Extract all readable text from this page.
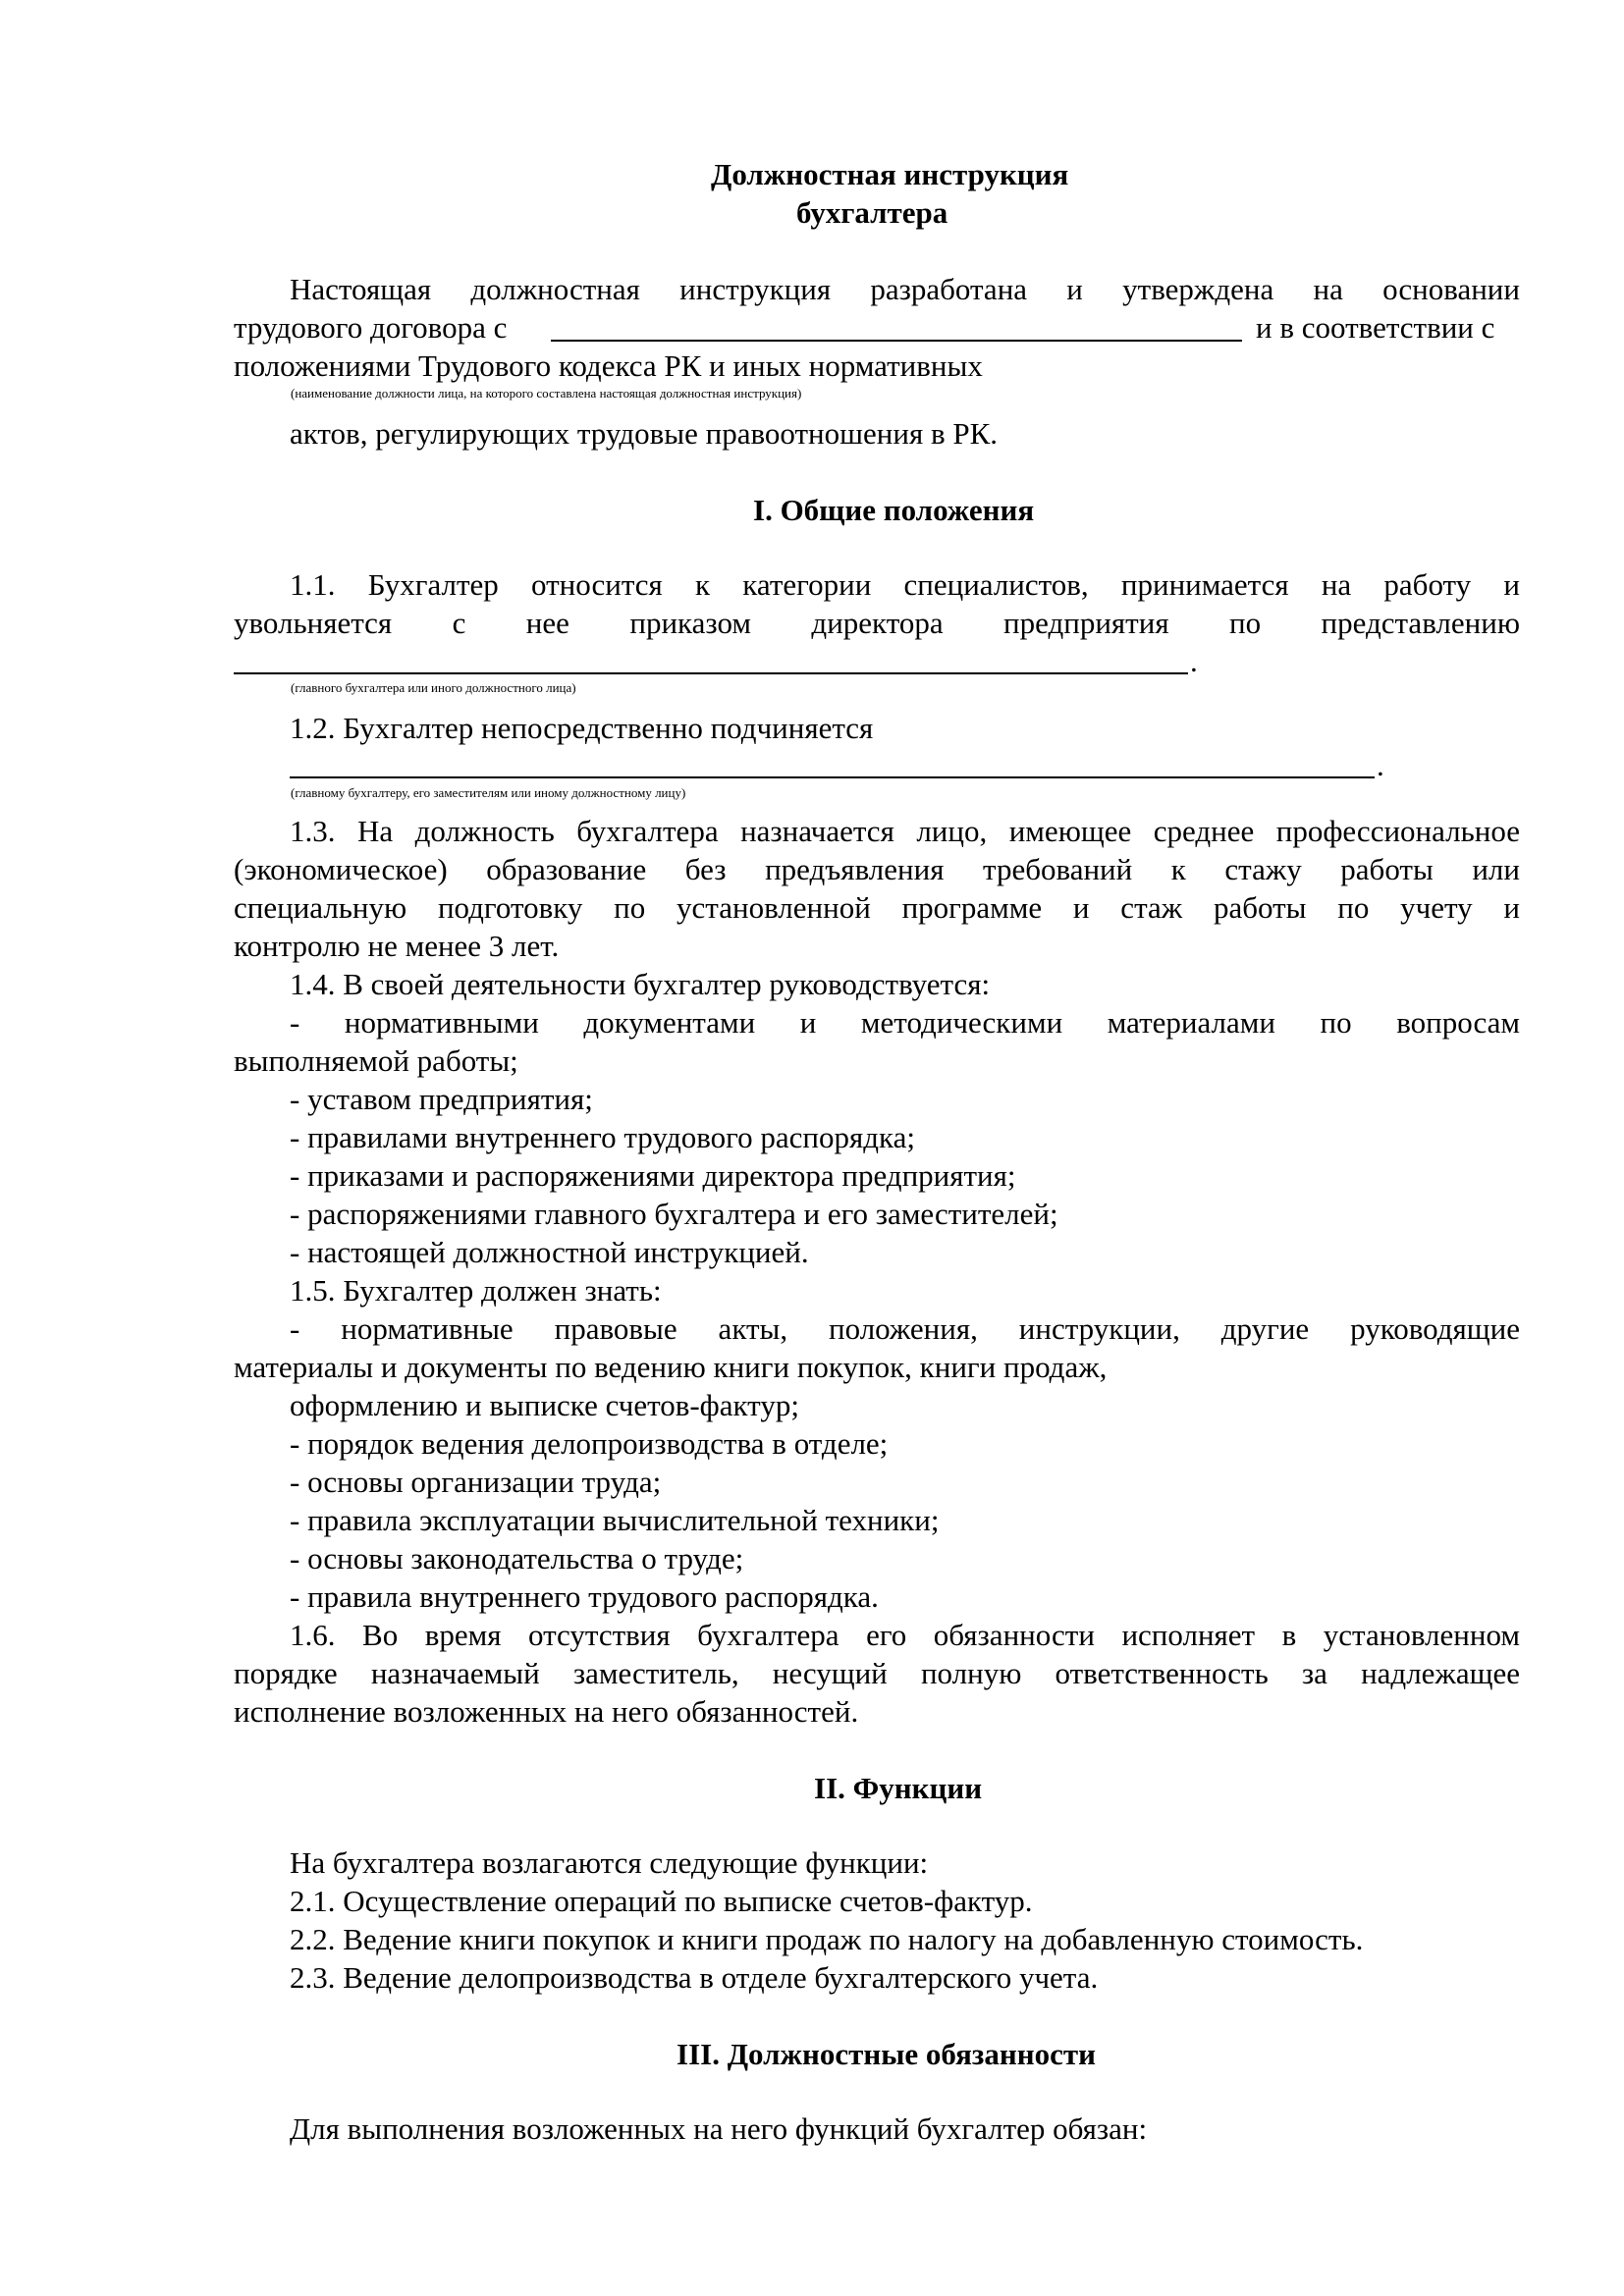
Должностная инструкция
бухгалтера
Настоящая должностная инструкция разработана и утверждена на основании
трудового договора с	и в соответствии с
положениями Трудового кодекса РК и иных нормативных
(наименование должности лица, на которого составлена настоящая должностная инструкция)
актов, регулирующих трудовые правоотношения в РК.
I. Общие положения
1.1. Бухгалтер относится к категории специалистов, принимается на работу и
увольняется с нее приказом директора предприятия по представлению
.
(главного бухгалтера или иного должностного лица)
1.2. Бухгалтер непосредственно подчиняется
.
(главному бухгалтеру, его заместителям или иному должностному лицу)
1.3. На должность бухгалтера назначается лицо, имеющее среднее профессиональное
(экономическое) образование без предъявления требований к стажу работы или
специальную подготовку по установленной программе и стаж работы по учету и
контролю не менее 3 лет.
1.4. В своей деятельности бухгалтер руководствуется:
- нормативными документами и методическими материалами по вопросам
выполняемой работы;
- уставом предприятия;
- правилами внутреннего трудового распорядка;
- приказами и распоряжениями директора предприятия;
- распоряжениями главного бухгалтера и его заместителей;
- настоящей должностной инструкцией.
1.5. Бухгалтер должен знать:
- нормативные правовые акты, положения, инструкции, другие руководящие
материалы и документы по ведению книги покупок, книги продаж,
оформлению и выписке счетов-фактур;
- порядок ведения делопроизводства в отделе;
- основы организации труда;
- правила эксплуатации вычислительной техники;
- основы законодательства о труде;
- правила внутреннего трудового распорядка.
1.6. Во время отсутствия бухгалтера его обязанности исполняет в установленном
порядке назначаемый заместитель, несущий полную ответственность за надлежащее
исполнение возложенных на него обязанностей.
II. Функции
На бухгалтера возлагаются следующие функции:
2.1. Осуществление операций по выписке счетов-фактур.
2.2. Ведение книги покупок и книги продаж по налогу на добавленную стоимость.
2.3. Ведение делопроизводства в отделе бухгалтерского учета.
III. Должностные обязанности
Для выполнения возложенных на него функций бухгалтер обязан:
